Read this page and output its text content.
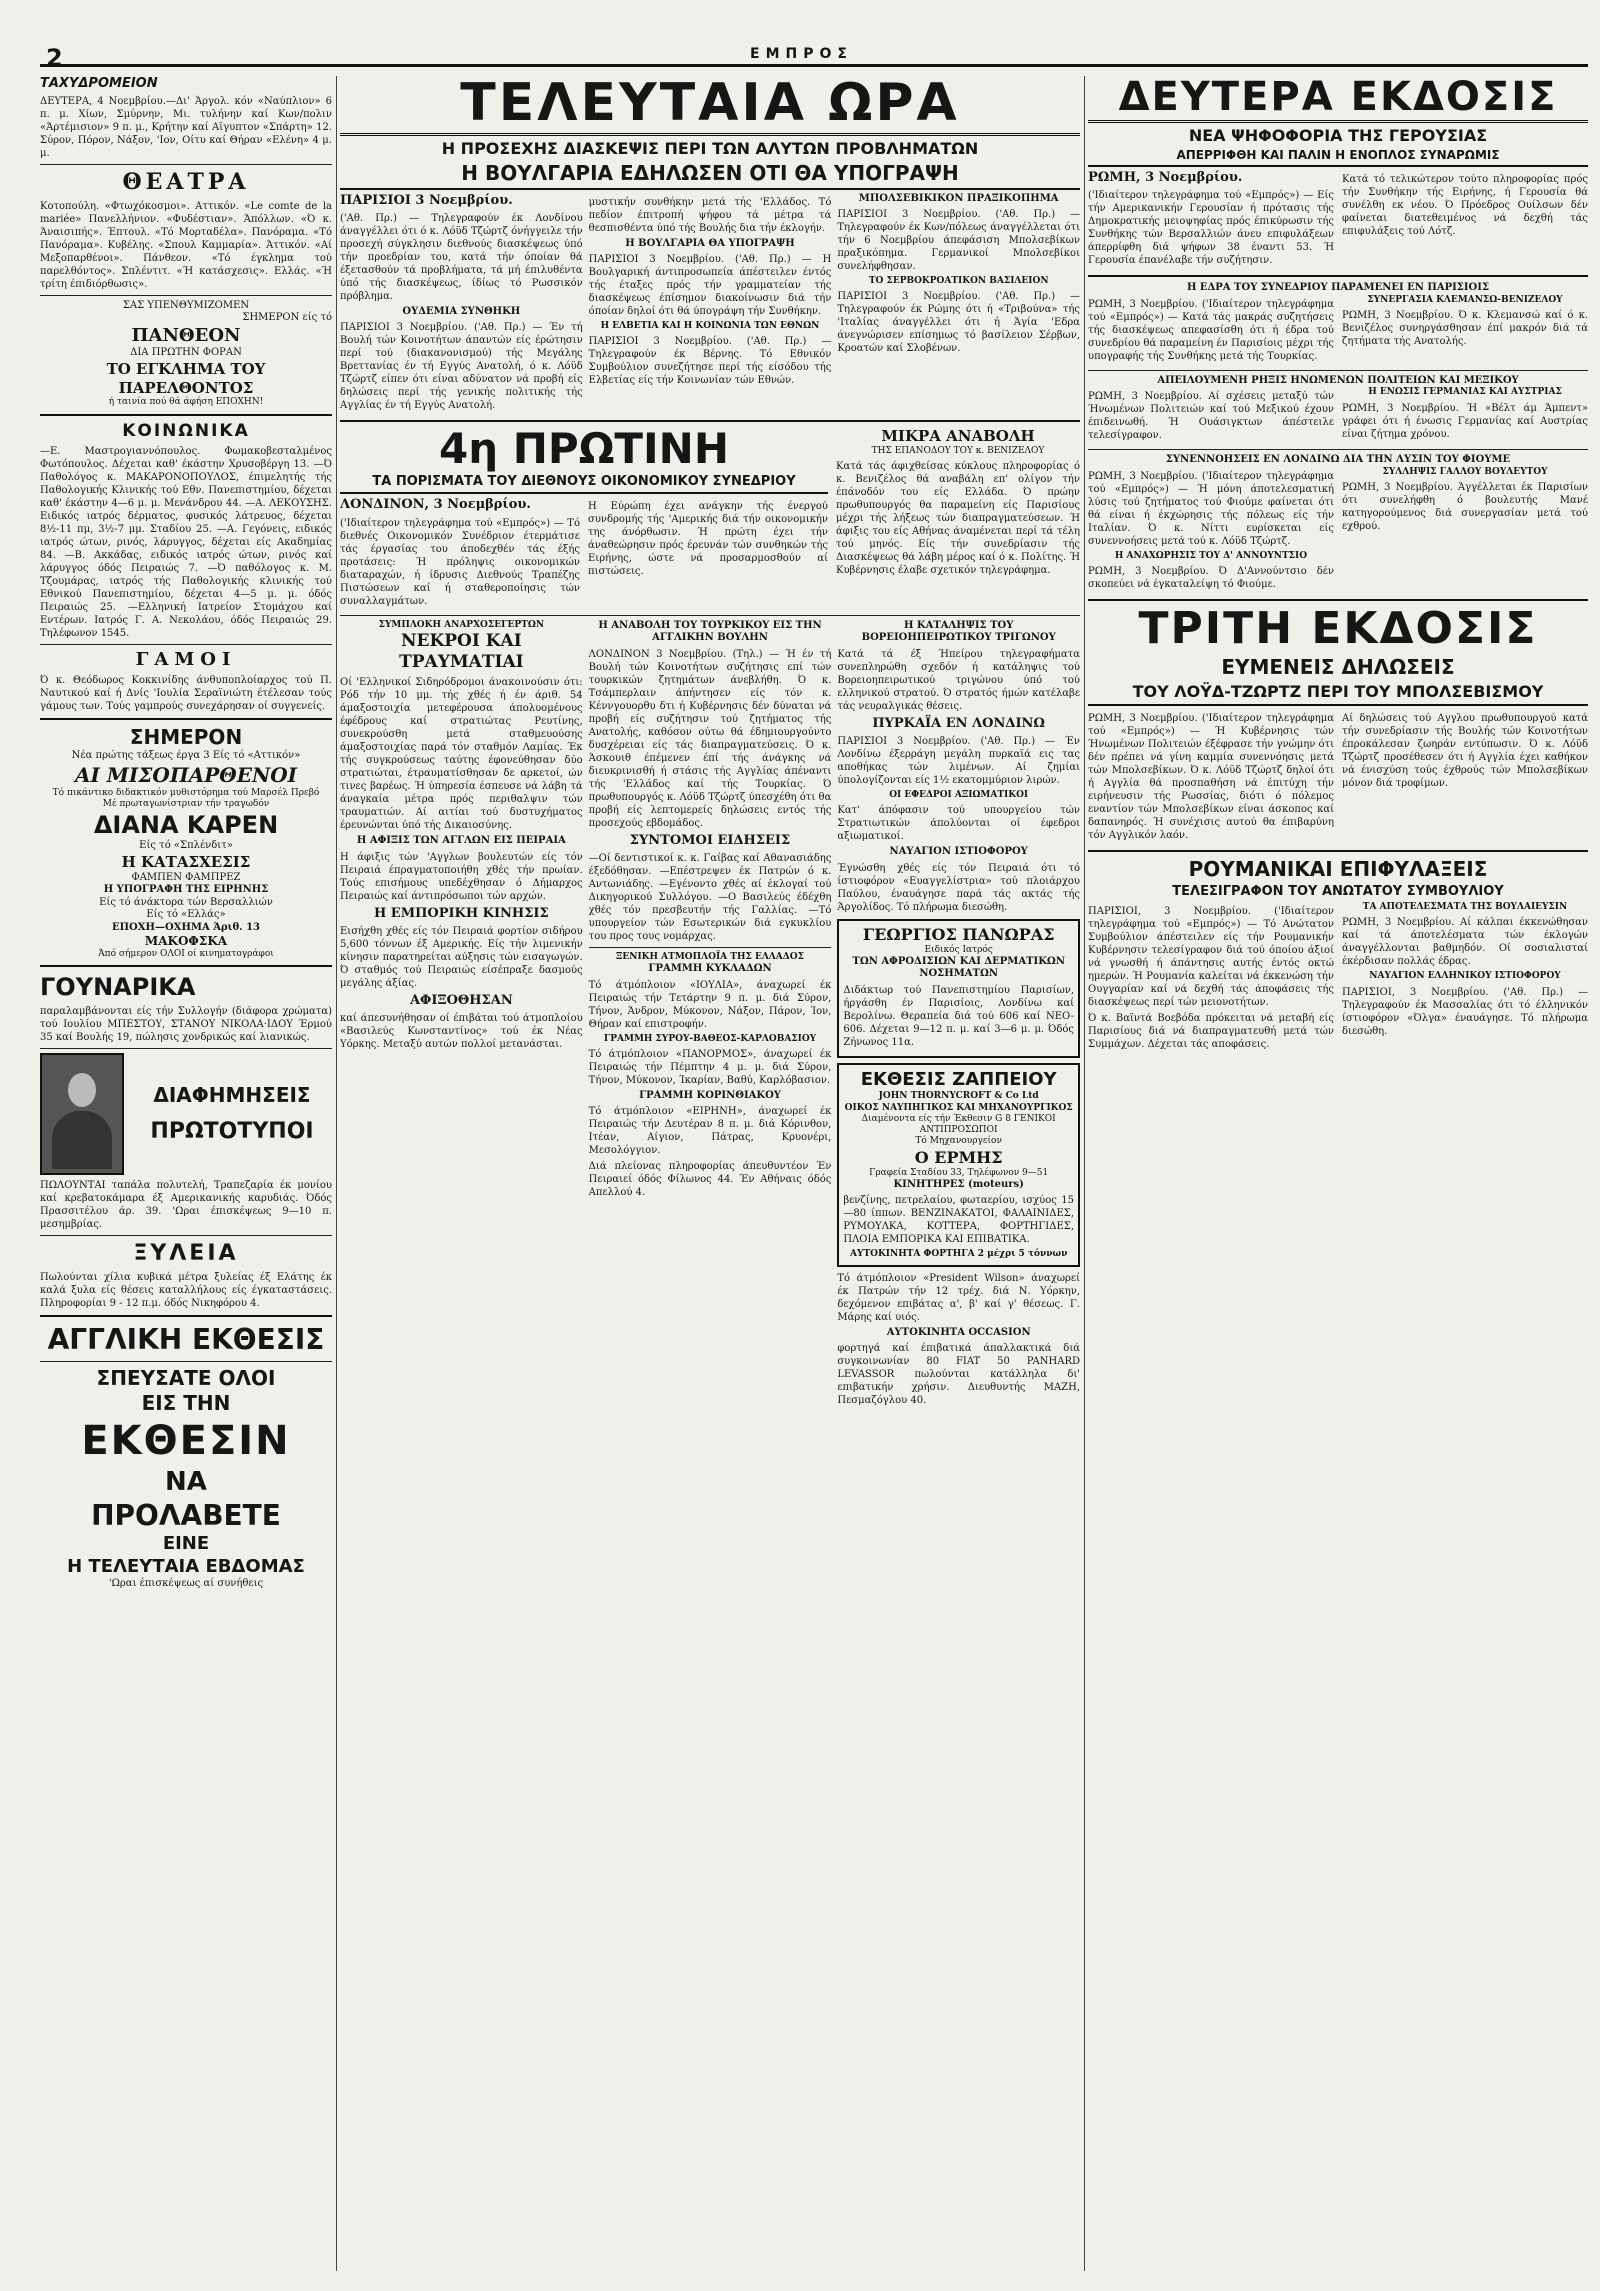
2	ΕΜΠΡΟΣ

ΤΑΧΥΔΡΟΜΕΙΟΝ

ΔΕΥΤΕΡΑ, 4 Νοεμβρίου.—Δι' Άργολ. κόν «Ναύπλιον» 6 π. μ. Χίων, Σμύρνην, Μι. τυλήνην καί Κων/πολιν «Άρτέμισιον» 9 π. μ., Κρήτην καί Αϊγυπτον «Σπάρτη» 12. Σύρον, Πόρον, Νάξον, 'Ιον, Οίτυ καί Θήραν «Ελένη» 4 μ. μ.

ΘΕΑΤΡΑ

Κοτοπούλη. «Φτωχόκοσμοι». Αττικόν. «Le comte de la mariée» Πανελλήνιον. «Φυδέστιαν». Άπόλλων. «Ό κ. Άναισιπής». Έπτουλ. «Τό Μορταδέλα». Πανόραμα. «Τό Πανόραμα». Κυβέλης. «Σπουλ Καμμαρία». Άττικόν. «Αί Μεξοπαρθένοι». Πάνθεον. «Τό έγκλημα τού παρελθόντος». Σπλέντιτ. «Ή κατάσχεσις». Ελλάς. «Ή τρίτη έπιδιόρθωσις».

ΣΑΣ ΥΠΕΝΘΥΜΙΖΟΜΕΝ

ΣΗΜΕΡΟΝ είς τό

ΠΑΝΘΕΟΝ

ΔΙΑ ΠΡΩΤΗΝ ΦΟΡΑΝ

ΤΟ ΕΓΚΛΗΜΑ ΤΟΥ ΠΑΡΕΛΘΟΝΤΟΣ

ή ταινία πού θά άφήση ΕΠΟΧΗΝ!

ΚΟΙΝΩΝΙΚΑ

—Ε. Μαστρογιαννόπουλος. Φωμακοβεσταλμένος Φωτόπουλος. Δέχεται καθ' έκάστην Χρυσοβέργη 13. —Ό Παθολόγος κ. ΜΑΚΑΡΟΝΟΠΟΥΛΟΣ, έπιμελητής τής Παθολογικής Κλινικής τού Εθν. Πανεπιστημίου, δέχεται καθ' έκάστην 4—6 μ. μ. Μενάνδρου 44. —Α. ΛΕΚΟΥΣΗΣ. Ειδικός ιατρός δέρματος, φυσικός λάτρευος, δέχεται 8½-11 πμ, 3½-7 μμ. Σταδίου 25. —Α. Γεγόνεις, ειδικός ιατρός ώτων, ρινός, λάρυγγος, δέχεται είς Ακαδημίας 84. —Β. Ακκάδας, ειδικός ιατρός ώτων, ρινός καί λάρυγγος όδός Πειραιώς 7. —Ό παθόλογος κ. Μ. Τζουμάρας, ιατρός τής Παθολογικής κλινικής τού Εθνικού Πανεπιστημίου, δέχεται 4—5 μ. μ. όδός Πειραιώς 25. —Ελληνική Ιατρείον Στομάχου καί Εντέρων. Ιατρός Γ. Α. Νεκολάου, όδός Πειραιώς 29. Τηλέφωνον 1545.

ΓΑΜΟΙ

Ό κ. Θεόδωρος Κοκκινίδης άνθυποπλοίαρχος τού Π. Ναυτικού καί ή Δνίς 'Ιουλία Σεραϊνιώτη έτέλεσαν τούς γάμους των. Τούς γαμπρούς συνεχάρησαν οί συγγενείς.

ΣΗΜΕΡΟΝ

Νέα πρώτης τάξεως έργα 3 Είς τό «Αττικόν»

ΑΙ ΜΙΣΟΠΑΡΘΕΝΟΙ

Τό πικάντικο διδακτικόν μυθιστόρημα τού Μαρσέλ Πρεβό

Μέ πρωταγωνίστριαν τήν τραγωδόν

ΔΙΑΝΑ ΚΑΡΕΝ

Είς τό «Σπλένδιτ»

Η ΚΑΤΑΣΧΕΣΙΣ

ΦΑΜΠΕΝ ΦΑΜΠΡΕΖ

Η ΥΠΟΓΡΑΦΗ ΤΗΣ ΕΙΡΗΝΗΣ

Είς τό άνάκτορα τών Βερσαλλιών

Είς τό «Ελλάς»

ΕΠΟΧΗ—ΟΧΗΜΑ Άριθ. 13

ΜΑΚΟΦΣΚΑ

Άπό σήμερον ΟΛΟΙ οί κινηματογράφοι

ΓΟΥΝΑΡΙΚΑ

παραλαμβάνονται είς τήν Συλλογήν (διάφορα χρώματα) τού Ιουλίου ΜΠΕΣΤΟΥ, ΣΤΑΝΟΥ ΝΙΚΟΛΑ·ΙΔΟΥ Έρμού 35 καί Βουλής 19, πώλησις χονδρικώς καί λιανικώς.

ΔΙΑΦΗΜΗΣΕΙΣ

ΠΡΩΤΟΤΥΠΟΙ

ΠΩΛΟΥΝΤΑΙ ταπάλα πολυτελή, Τραπεζαρία έκ μονίου καί κρεβατοκάμαρα έξ Αμερικανικής καρυδιάς. Όδός Πρασσιτέλου άρ. 39. 'Ωραι έπισκέψεως 9—10 π. μεσημβρίας.

ΞΥΛΕΙΑ

Πωλούνται χίλια κυβικά μέτρα ξυλείας έξ Ελάτης έκ καλά ξυλα είς θέσεις καταλλήλους είς έγκαταστάσεις. Πληροφορίαι 9 - 12 π.μ. όδός Νικηφόρου 4.

ΑΓΓΛΙΚΗ ΕΚΘΕΣΙΣ

ΣΠΕΥΣΑΤΕ ΟΛΟΙ

ΕΙΣ ΤΗΝ

ΕΚΘΕΣΙΝ

ΝΑ

ΠΡΟΛΑΒΕΤΕ

ΕΙΝΕ

Η ΤΕΛΕΥΤΑΙΑ ΕΒΔΟΜΑΣ

'Ωραι έπισκέψεως αί συνήθεις

ΤΕΛΕΥΤΑΙΑ ΩΡΑ

Η ΠΡΟΣΕΧΗΣ ΔΙΑΣΚΕΨΙΣ ΠΕΡΙ ΤΩΝ ΑΛΥΤΩΝ ΠΡΟΒΛΗΜΑΤΩΝ

Η ΒΟΥΛΓΑΡΙΑ ΕΔΗΛΩΣΕΝ ΟΤΙ ΘΑ ΥΠΟΓΡΑΨΗ

ΠΑΡΙΣΙΟΙ 3 Νοεμβρίου.

('Αθ. Πρ.) — Τηλεγραφούν έκ Λονδίνου άναγγέλλει ότι ό κ. Λόϋδ Τζώρτζ όνήγγειλε τήν προσεχή σύγκλησιν διεθνούς διασκέψεως ύπό τήν προεδρίαν του, κατά τήν όποίαν θά έξετασθούν τά προβλήματα, τά μή έπιλυθέντα ύπό τής διασκέψεως, ίδίως τό Ρωσσικόν πρόβλημα.

ΟΥΔΕΜΙΑ ΣΥΝΘΗΚΗ

ΠΑΡΙΣΙΟΙ 3 Νοεμβρίου. ('Αθ. Πρ.) — Έν τή Βουλή τών Κοινοτήτων άπαντών είς έρώτησιν περί τού (διακανονισμού) τής Μεγάλης Βρεττανίας έν τή Εγγύς Ανατολή, ό κ. Λόϋδ Τζώρτζ είπεν ότι είναι αδύνατον νά προβή είς δηλώσεις περί τής γενικής πολιτικής τής Αγγλίας έν τή Εγγύς Ανατολή.

μυστικήν συνθήκην μετά τής 'Ελλάδος. Τό πεδίον έπιτροπή ψήφου τά μέτρα τά θεσπισθέντα ύπό τής Βουλής δια τήν έκλογήν.

Η ΒΟΥΛΓΑΡΙΑ ΘΑ ΥΠΟΓΡΑΨΗ

ΠΑΡΙΣΙΟΙ 3 Νοεμβρίου. ('Αθ. Πρ.) — Η Βουλγαρική άντιπροσωπεία άπέστειλεν έντός τής έταξες πρός τήν γραμματείαν τής διασκέψεως έπίσημον διακοίνωσιν διά τήν όποίαν δηλοί ότι θά ύπογράψη τήν Συνθήκην.

Η ΕΛΒΕΤΙΑ ΚΑΙ Η ΚΟΙΝΩΝΙΑ ΤΩΝ ΕΘΝΩΝ

ΠΑΡΙΣΙΟΙ 3 Νοεμβρίου. ('Αθ. Πρ.) — Τηλεγραφούν έκ Βέρνης. Τό Εθνικόν Συμβούλιον συνεζήτησε περί τής είσόδου τής Ελβετίας είς τήν Κοινωνίαν τών Εθνών.

ΜΠΟΛΣΕΒΙΚΙΚΟΝ ΠΡΑΞΙΚΟΠΗΜΑ

ΠΑΡΙΣΙΟΙ 3 Νοεμβρίου. ('Αθ. Πρ.) — Τηλεγραφούν έκ Κων/πόλεως άναγγέλλεται ότι τήν 6 Νοεμβρίου άπεφάσιση Μπολσεβίκων πραξικόπημα. Γερμανικοί Μπολσεβίκοι συνελήφθησαν.

ΤΟ ΣΕΡΒΟΚΡΟΑΤΙΚΟΝ ΒΑΣΙΛΕΙΟΝ

ΠΑΡΙΣΙΟΙ 3 Νοεμβρίου. ('Αθ. Πρ.) — Τηλεγραφούν έκ Ρώμης ότι ή «Τριβούνα» τής 'Ιταλίας άναγγέλλει ότι ή Άγία 'Εδρα άνεγνώρισεν επίσημως τό βασίλειον Σέρβων, Κροατών καί Σλοβένων.

4η ΠΡΩΤΙΝΗ

ΤΑ ΠΟΡΙΣΜΑΤΑ ΤΟΥ ΔΙΕΘΝΟΥΣ ΟΙΚΟΝΟΜΙΚΟΥ ΣΥΝΕΔΡΙΟΥ

ΛΟΝΔΙΝΟΝ, 3 Νοεμβρίου.

('Ιδιαίτερον τηλεγράφημα τού «Εμπρός») — Τό διεθνές Οικονομικόν Συνέδριον έτερμάτισε τάς έργασίας του άποδεχθέν τάς έξής προτάσεις: Ή πρόληψις οικονομικών διαταραχών, ή ίδρυσις Διεθνούς Τραπέζης Πιστώσεων καί ή σταθεροποίησις τών συναλλαγμάτων.

Η Εύρώπη έχει ανάγκην τής ένεργού συνδρομής τής 'Αμερικής διά τήν οικονομικήν της άνόρθωσιν. Ή πρώτη έχει τήν άναθεώρησιν πρός έρευνάν τών συνθηκών τής Ειρήνης, ώστε νά προσαρμοσθούν αί πιστώσεις.

ΜΙΚΡΑ ΑΝΑΒΟΛΗ

ΤΗΣ ΕΠΑΝΟΔΟΥ ΤΟΥ κ. ΒΕΝΙΖΕΛΟΥ

Κατά τάς άφιχθείσας κύκλους πληροφορίας ό κ. Βενιζέλος θά αναβάλη επ' ολίγον τήν έπάνοδόν του είς Ελλάδα. Ό πρώην πρωθυπουργός θα παραμείνη είς Παρισίους μέχρι τής λήξεως τών διαπραγματεύσεων. Ή άφιξις του είς Αθήνας άναμένεται περί τά τέλη τού μηνός. Είς τήν συνεδρίασιν τής Διασκέψεως θά λάβη μέρος καί ό κ. Πολίτης. Ή Κυβέρνησις έλαβε σχετικόν τηλεγράφημα.

ΣΥΜΠΛΟΚΗ ΑΝΑΡΧΟΣΕΓΕΡΤΩΝ

ΝΕΚΡΟΙ ΚΑΙ ΤΡΑΥΜΑΤΙΑΙ

Οί 'Ελληνικοί Σιδηρόδρομοι άνακοινούσιν ότι: Ρόδ τήν 10 μμ. τής χθές ή έν άριθ. 54 άμαξοστοιχία μετεφέρουσα άπολυομένους έφέδρους καί στρατιώτας Ρευτίνης, συνεκρούσθη μετά σταθμευούσης άμαξοστοιχίας παρά τόν σταθμόν Λαμίας. Έκ τής συγκρούσεως ταύτης έφονεύθησαν δύο στρατιώται, έτραυματίσθησαν δε αρκετοί, ών τινες βαρέως. Ή ύπηρεσία έσπευσε νά λάβη τά άναγκαία μέτρα πρός περιθαλψιν τών τραυματιών. Αί αιτίαι τού δυστυχήματος έρευνώνται ύπό τής Δικαιοσύνης.

Η ΑΦΙΞΙΣ ΤΩΝ ΑΓΓΛΩΝ ΕΙΣ ΠΕΙΡΑΙΑ

Η άφιξις τών 'Αγγλων βουλευτών είς τόν Πειραιά έπραγματοποιήθη χθές τήν πρωίαν. Τούς επισήμους υπεδέχθησαν ό Δήμαρχος Πειραιώς καί άντιπρόσωποι τών αρχών.

Η ΕΜΠΟΡΙΚΗ ΚΙΝΗΣΙΣ

Εισήχθη χθές είς τόν Πειραιά φορτίον σιδήρου 5,600 τόννων έξ Αμερικής. Είς τήν λιμενικήν κίνησιν παρατηρείται αύξησις τών εισαγωγών. Ό σταθμός τού Πειραιώς είσέπραξε δασμούς μεγάλης άξίας.

ΑΦΙΞΟΘΗΣΑΝ

καί άπεσυνήθησαν οί έπιβάται τού άτμοπλοίου «Βασιλεύς Κωνσταντίνος» τού έκ Νέας Υόρκης. Μεταξύ αυτών πολλοί μετανάσται.

Η ΑΝΑΒΟΛΗ ΤΟΥ ΤΟΥΡΚΙΚΟΥ ΕΙΣ ΤΗΝ ΑΓΓΛΙΚΗΝ ΒΟΥΛΗΝ

ΛΟΝΔΙΝΟΝ 3 Νοεμβρίου. (Τηλ.) — Ή έν τή Βουλή τών Κοινοτήτων συζήτησις επί τών τουρκικών ζητημάτων άνεβλήθη. Ό κ. Τσάμπερλαιν άπήντησεν είς τόν κ. Κέννγουορθυ δτι ή Κυβέρνησις δέν δύναται νά προβή είς συζήτησιν τού ζητήματος τής Ανατολής, καθόσον ούτω θά έδημιουργούντο δυσχέρειαι είς τάς διαπραγματεύσεις. Ό κ. Άσκουιθ έπέμενεν έπί τής άνάγκης νά διευκρινισθή ή στάσις τής Αγγλίας άπέναντι τής 'Ελλάδος καί τής Τουρκίας. Ό πρωθυπουργός κ. Λόϋδ Τζώρτζ ύπεσχέθη ότι θα προβή είς λεπτομερείς δηλώσεις εντός τής προσεχούς εβδομάδος.

ΣΥΝΤΟΜΟΙ ΕΙΔΗΣΕΙΣ

—Οί δεντιστικοί κ. κ. Γαίβας καί Αθανασιάδης έξεδόθησαν. —Επέστρεψεν έκ Πατρών ό κ. Αντωνιάδης. —Εγένοντο χθές αί έκλογαί τού Δικηγορικού Συλλόγου. —Ο Βασιλεύς έδέχθη χθές τόν πρεσβευτήν τής Γαλλίας. —Τό υπουργείον τών Εσωτερικών διά εγκυκλίου του προς τους νομάρχας.

ΞΕΝΙΚΗ ΑΤΜΟΠΛΟΪΑ ΤΗΣ ΕΛΛΑΔΟΣ

ΓΡΑΜΜΗ ΚΥΚΛΑΔΩΝ

Τό άτμόπλοιον «ΙΟΥΛΙΑ», άναχωρεί έκ Πειραιώς τήν Τετάρτην 9 π. μ. διά Σύρον, Τήνον, Άνδρον, Μύκονον, Νάξον, Πάρον, Ίον, Θήραν καί επιστροφήν.

ΓΡΑΜΜΗ ΣΥΡΟΥ-ΒΑΘΕΟΣ-ΚΑΡΛΟΒΑΣΙΟΥ

Τό άτμόπλοιον «ΠΑΝΟΡΜΟΣ», άναχωρεί έκ Πειραιώς τήν Πέμπτην 4 μ. μ. διά Σύρον, Τήνον, Μύκονον, Ίκαρίαν, Βαθύ, Καρλόβασιον.

ΓΡΑΜΜΗ ΚΟΡΙΝΘΙΑΚΟΥ

Τό άτμόπλοιον «ΕΙΡΗΝΗ», άναχωρεί έκ Πειραιώς τήν Δευτέραν 8 π. μ. διά Κόρινθον, Ιτέαν, Αίγιον, Πάτρας, Κρυονέρι, Μεσολόγγιον.

Διά πλείονας πληροφορίας άπευθυντέον Έν Πειραιεί όδός Φίλωνος 44. Έν Αθήναις όδός Απελλού 4.

Η ΚΑΤΑΛΗΨΙΣ ΤΟΥ ΒΟΡΕΙΟΗΠΕΙΡΩΤΙΚΟΥ ΤΡΙΓΩΝΟΥ

Κατά τά έξ Ήπείρου τηλεγραφήματα συνεπληρώθη σχεδόν ή κατάληψις τού Βορειοηπειρωτικού τριγώνου ύπό τού ελληνικού στρατού. Ό στρατός ήμών κατέλαβε τάς νευραλγικάς θέσεις.

ΠΥΡΚΑΪΑ ΕΝ ΛΟΝΔΙΝΩ

ΠΑΡΙΣΙΟΙ 3 Νοεμβρίου. ('Αθ. Πρ.) — Έν Λονδίνω έξερράγη μεγάλη πυρκαϊά εις τας αποθήκας τών λιμένων. Αί ζημίαι ύπολογίζονται είς 1½ εκατομμύριον λιρών.

ΟΙ ΕΦΕΔΡΟΙ ΑΞΙΩΜΑΤΙΚΟΙ

Κατ' άπόφασιν τού υπουργείου τών Στρατιωτικών άπολύονται οί έφεδροι αξιωματικοί.

ΝΑΥΑΓΙΟΝ ΙΣΤΙΟΦΟΡΟΥ

Έγνώσθη χθές είς τόν Πειραιά ότι τό ίστιοφόρον «Ευαγγελίστρια» τού πλοιάρχου Παύλου, έναυάγησε παρά τάς ακτάς τής Άργολίδος. Τό πλήρωμα διεσώθη.

ΓΕΩΡΓΙΟΣ ΠΑΝΩΡΑΣ

Ειδικός Ιατρός

ΤΩΝ ΑΦΡΟΔΙΣΙΩΝ ΚΑΙ ΔΕΡΜΑΤΙΚΩΝ ΝΟΣΗΜΑΤΩΝ

Διδάκτωρ τού Πανεπιστημίου Παρισίων, ήργάσθη έν Παρισίοις, Λονδίνω καί Βερολίνω. Θεραπεία διά τού 606 καί NEO-606. Δέχεται 9—12 π. μ. καί 3—6 μ. μ. Όδός Ζήνωνος 11α.

ΕΚΘΕΣΙΣ ΖΑΠΠΕΙΟΥ

JOHN THORNYCROFT & Co Ltd

ΟΙΚΟΣ ΝΑΥΠΗΓΙΚΟΣ ΚΑΙ ΜΗΧΑΝΟΥΡΓΙΚΟΣ

Διαμένοντα είς τήν Έκθεσιν G 8 ΓΕΝΙΚΟΙ ΑΝΤΙΠΡΟΣΩΠΟΙ

Τό Μηχανουργείον

Ο ΕΡΜΗΣ

Γραφεία Σταδίου 33, Τηλέφωνον 9—51

ΚΙΝΗΤΗΡΕΣ (moteurs)

βενζίνης, πετρελαίου, φωταερίου, ισχύος 15—80 ίππων. ΒΕΝΖΙΝΑΚΑΤΟΙ, ΦΑΛΑΙΝΙΔΕΣ, ΡΥΜΟΥΛΚΑ, ΚΟΤΤΕΡΑ, ΦΟΡΤΗΓΙΔΕΣ, ΠΛΟΙΑ ΕΜΠΟΡΙΚΑ ΚΑΙ ΕΠΙΒΑΤΙΚΑ.

ΑΥΤΟΚΙΝΗΤΑ ΦΟΡΤΗΓΑ 2 μέχρι 5 τόννων

Τό άτμόπλοιον «President Wilson» άναχωρεί έκ Πατρών τήν 12 τρέχ. διά Ν. Υόρκην, δεχόμενον επιβάτας α', β' καί γ' θέσεως. Γ. Μάρης καί υιός.

ΑΥΤΟΚΙΝΗΤΑ OCCASION

φορτηγά καί έπιβατικά άπαλλακτικά διά συγκοινωνίαν 80 FIAT 50 PANHARD LEVASSOR πωλούνται κατάλληλα δι' επιβατικήν χρήσιν. Διευθυντής ΜΑΖΗ, Πεσμαζόγλου 40.

ΔΕΥΤΕΡΑ ΕΚΔΟΣΙΣ

ΝΕΑ ΨΗΦΟΦΟΡΙΑ ΤΗΣ ΓΕΡΟΥΣΙΑΣ

ΑΠΕΡΡΙΦΘΗ ΚΑΙ ΠΑΛΙΝ Η ΕΝΟΠΛΟΣ ΣΥΝΑΡΩΜΙΣ

ΡΩΜΗ, 3 Νοεμβρίου.

('Ιδιαίτερον τηλεγράφημα τού «Εμπρός») — Είς τήν Αμερικανικήν Γερουσίαν ή πρότασις τής Δημοκρατικής μειοψηφίας πρός έπικύρωσιν τής Συνθήκης τών Βερσαλλιών άνευ επιφυλάξεων άπερρίφθη διά ψήφων 38 έναντι 53. Ή Γερουσία έπανέλαβε τήν συζήτησιν.

Κατά τό τελικώτερον τούτο πληροφορίας πρός τήν Συνθήκην τής Ειρήνης, ή Γερουσία θά συνέλθη εκ νέου. Ό Πρόεδρος Ουίλσων δέν φαίνεται διατεθειμένος νά δεχθή τάς επιφυλάξεις τού Λότζ.

Η ΕΔΡΑ ΤΟΥ ΣΥΝΕΔΡΙΟΥ ΠΑΡΑΜΕΝΕΙ ΕΝ ΠΑΡΙΣΙΟΙΣ

ΡΩΜΗ, 3 Νοεμβρίου. ('Ιδιαίτερον τηλεγράφημα τού «Εμπρός») — Κατά τάς μακράς συζητήσεις τής διασκέψεως απεφασίσθη ότι ή έδρα τού συνεδρίου θά παραμείνη έν Παρισίοις μέχρι τής υπογραφής τής Συνθήκης μετά τής Τουρκίας.

ΣΥΝΕΡΓΑΣΙΑ ΚΛΕΜΑΝΣΩ-ΒΕΝΙΖΕΛΟΥ

ΡΩΜΗ, 3 Νοεμβρίου. Ό κ. Κλεμανσώ καί ό κ. Βενιζέλος συνηργάσθησαν έπί μακρόν διά τά ζητήματα τής Ανατολής.

ΑΠΕΙΛΟΥΜΕΝΗ ΡΗΞΙΣ ΗΝΩΜΕΝΩΝ ΠΟΛΙΤΕΙΩΝ ΚΑΙ ΜΕΞΙΚΟΥ

ΡΩΜΗ, 3 Νοεμβρίου. Αί σχέσεις μεταξύ τών Ήνωμένων Πολιτειών καί τού Μεξικού έχουν έπιδεινωθή. Ή Ουάσιγκτων άπέστειλε τελεσίγραφον.

Η ΕΝΩΣΙΣ ΓΕΡΜΑΝΙΑΣ ΚΑΙ ΑΥΣΤΡΙΑΣ

ΡΩΜΗ, 3 Νοεμβρίου. Ή «Βέλτ άμ Άμπεντ» γράφει ότι ή ένωσις Γερμανίας καί Αυστρίας είναι ζήτημα χρόνου.

ΣΥΝΕΝΝΟΗΣΕΙΣ ΕΝ ΛΟΝΔΙΝΩ ΔΙΑ ΤΗΝ ΛΥΣΙΝ ΤΟΥ ΦΙΟΥΜΕ

ΡΩΜΗ, 3 Νοεμβρίου. ('Ιδιαίτερον τηλεγράφημα τού «Εμπρός») — Ή μόνη άποτελεσματική λύσις τού ζητήματος τού Φιούμε φαίνεται ότι θά είναι ή έκχώρησις τής πόλεως είς τήν Ιταλίαν. Ό κ. Νίττι ευρίσκεται είς συνεννοήσεις μετά τού κ. Λόϋδ Τζώρτζ.

Η ΑΝΑΧΩΡΗΣΙΣ ΤΟΥ Δ' ΑΝΝΟΥΝΤΣΙΟ

ΡΩΜΗ, 3 Νοεμβρίου. Ό Δ'Αννούντσιο δέν σκοπεύει νά έγκαταλείψη τό Φιούμε.

ΣΥΛΛΗΨΙΣ ΓΑΛΛΟΥ ΒΟΥΛΕΥΤΟΥ

ΡΩΜΗ, 3 Νοεμβρίου. Άγγέλλεται έκ Παρισίων ότι συνελήφθη ό βουλευτής Μανέ κατηγορούμενος διά συνεργασίαν μετά τού εχθρού.

ΤΡΙΤΗ ΕΚΔΟΣΙΣ

ΕΥΜΕΝΕΙΣ ΔΗΛΩΣΕΙΣ

ΤΟΥ ΛΟΫΔ-ΤΖΩΡΤΖ ΠΕΡΙ ΤΟΥ ΜΠΟΛΣΕΒΙΣΜΟΥ

ΡΩΜΗ, 3 Νοεμβρίου. ('Ιδιαίτερον τηλεγράφημα τού «Εμπρός») — Ή Κυβέρνησις τών Ήνωμένων Πολιτειών έξέφρασε τήν γνώμην ότι δέν πρέπει νά γίνη καμμία συνεννόησις μετά τών Μπολσεβίκων. Ό κ. Λόϋδ Τζώρτζ δηλοί ότι ή Αγγλία θά προσπαθήση νά έπιτύχη τήν ειρήνευσιν τής Ρωσσίας, διότι ό πόλεμος εναντίον τών Μπολσεβίκων είναι άσκοπος καί δαπανηρός. Ή συνέχισις αυτού θα έπιβαρύνη τόν Αγγλικόν λαόν.

Αί δηλώσεις τού Αγγλου πρωθυπουργού κατά τήν συνεδρίασιν τής Βουλής τών Κοινοτήτων έπροκάλεσαν ζωηράν εντύπωσιν. Ό κ. Λόϋδ Τζώρτζ προσέθεσεν ότι ή Αγγλία έχει καθήκον νά ένισχύση τούς έχθρούς τών Μπολσεβίκων μόνον διά τροφίμων.

ΡΟΥΜΑΝΙΚΑΙ ΕΠΙΦΥΛΑΞΕΙΣ

ΤΕΛΕΣΙΓΡΑΦΟΝ ΤΟΥ ΑΝΩΤΑΤΟΥ ΣΥΜΒΟΥΛΙΟΥ

ΠΑΡΙΣΙΟΙ, 3 Νοεμβρίου. ('Ιδιαίτερον τηλεγράφημα τού «Εμπρός») — Τό Ανώτατον Συμβούλιον άπέστειλεν είς τήν Ρουμανικήν Κυβέρνησιν τελεσίγραφον διά τού όποίου άξιοί νά γνωσθή ή άπάντησις αυτής έντός οκτώ ημερών. Ή Ρουμανία καλείται νά έκκενώση τήν Ουγγαρίαν καί νά δεχθή τάς άποφάσεις τής διασκέψεως περί τών μειονοτήτων.

Ό κ. Βαϊντά Βοεβόδα πρόκειται νά μεταβή είς Παρισίους διά νά διαπραγματευθή μετά τών Συμμάχων. Δέχεται τάς αποφάσεις.

ΤΑ ΑΠΟΤΕΛΕΣΜΑΤΑ ΤΗΣ ΒΟΥΛΑΙΕΥΣΙΝ

ΡΩΜΗ, 3 Νοεμβρίου. Αί κάλπαι έκκενώθησαν καί τά άποτελέσματα τών έκλογών άναγγέλλονται βαθμηδόν. Οί σοσιαλισταί έκέρδισαν πολλάς έδρας.

ΝΑΥΑΓΙΟΝ ΕΛΛΗΝΙΚΟΥ ΙΣΤΙΟΦΟΡΟΥ

ΠΑΡΙΣΙΟΙ, 3 Νοεμβρίου. ('Αθ. Πρ.) — Τηλεγραφούν έκ Μασσαλίας ότι τό έλληνικόν ίστιοφόρον «Όλγα» έναυάγησε. Τό πλήρωμα διεσώθη.
